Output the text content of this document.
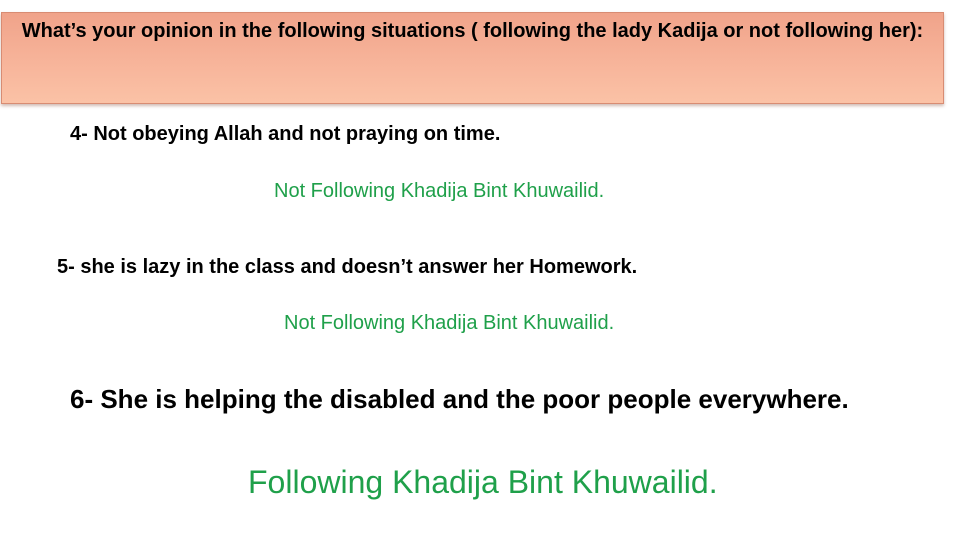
What’s your opinion in the following situations ( following the lady Kadija or not following her):

4- Not obeying Allah and not praying on time.

Not Following Khadija Bint Khuwailid.

5- she is lazy in the class and doesn’t answer her Homework.

Not Following Khadija Bint Khuwailid.

6- She is helping the disabled and the poor people everywhere.

Following Khadija Bint Khuwailid.
